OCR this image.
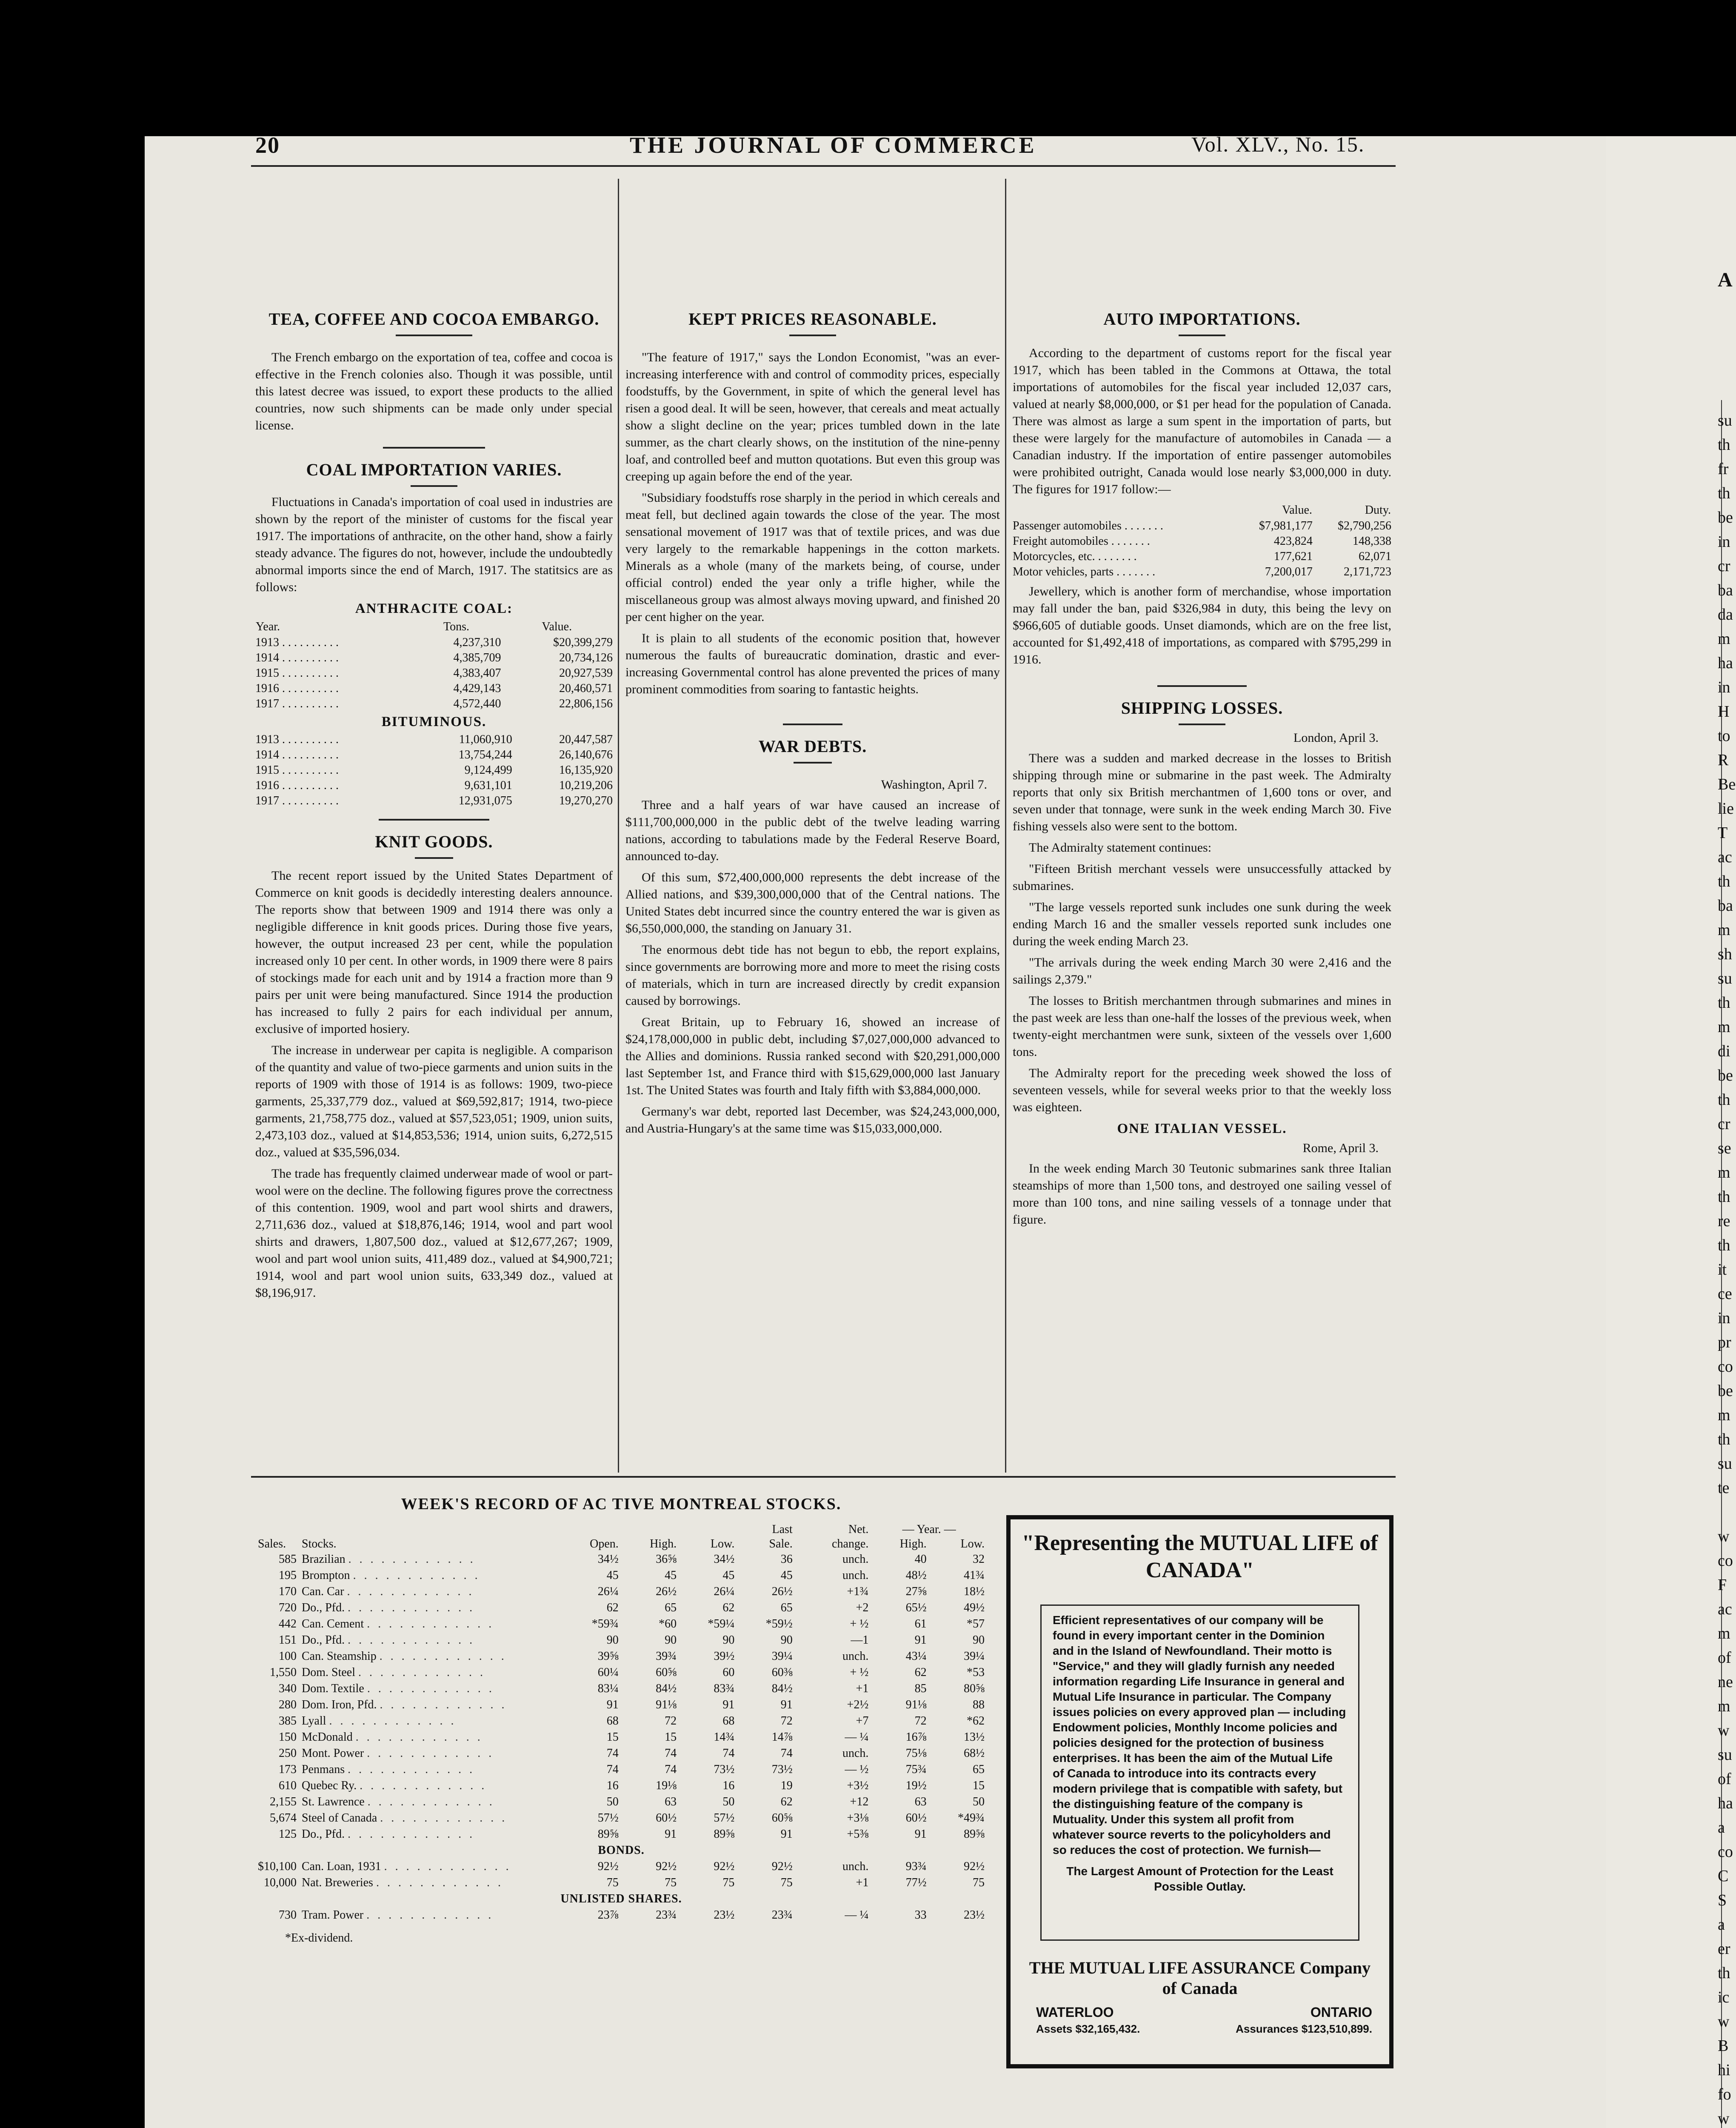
A
su
th
fr
th
be
in
cr
ba
da
m
ha
in
H
to
R
Be
lie
T
ac
th
ba
m
sh
su
th
m
di
be
th
cr
se
m
th
re
th
it
ce
in
pr
co
be
m
th
su
te
w
co
F
ac
m
of
ne
m
w
su
of
ha
a
co
C
S
a
er
th
ic
w
B
hi
fo
w
20	THE JOURNAL OF COMMERCE	Vol. XLV., No. 15.
TEA, COFFEE AND COCOA EMBARGO.

The French embargo on the exportation of tea, coffee and cocoa is effective in the French colonies also. Though it was possible, until this latest decree was issued, to export these products to the allied countries, now such shipments can be made only under special license.

COAL IMPORTATION VARIES.

Fluctuations in Canada's importation of coal used in industries are shown by the report of the minister of customs for the fiscal year 1917. The importations of anthracite, on the other hand, show a fairly steady advance. The figures do not, however, include the undoubtedly abnormal imports since the end of March, 1917. The statitsics are as follows:

ANTHRACITE COAL:
Year.	Tons.	Value.
1913 . . . . . . . . . .	4,237,310	$20,399,279
1914 . . . . . . . . . .	4,385,709	20,734,126
1915 . . . . . . . . . .	4,383,407	20,927,539
1916 . . . . . . . . . .	4,429,143	20,460,571
1917 . . . . . . . . . .	4,572,440	22,806,156
BITUMINOUS.
1913 . . . . . . . . . .	11,060,910	20,447,587
1914 . . . . . . . . . .	13,754,244	26,140,676
1915 . . . . . . . . . .	9,124,499	16,135,920
1916 . . . . . . . . . .	9,631,101	10,219,206
1917 . . . . . . . . . .	12,931,075	19,270,270
KNIT GOODS.

The recent report issued by the United States Department of Commerce on knit goods is decidedly interesting dealers announce. The reports show that between 1909 and 1914 there was only a negligible difference in knit goods prices. During those five years, however, the output increased 23 per cent, while the population increased only 10 per cent. In other words, in 1909 there were 8 pairs of stockings made for each unit and by 1914 a fraction more than 9 pairs per unit were being manufactured. Since 1914 the production has increased to fully 2 pairs for each individual per annum, exclusive of imported hosiery.

The increase in underwear per capita is negligible. A comparison of the quantity and value of two-piece garments and union suits in the reports of 1909 with those of 1914 is as follows: 1909, two-piece garments, 25,337,779 doz., valued at $69,592,817; 1914, two-piece garments, 21,758,775 doz., valued at $57,523,051; 1909, union suits, 2,473,103 doz., valued at $14,853,536; 1914, union suits, 6,272,515 doz., valued at $35,596,034.

The trade has frequently claimed underwear made of wool or part-wool were on the decline. The following figures prove the correctness of this contention. 1909, wool and part wool shirts and drawers, 2,711,636 doz., valued at $18,876,146; 1914, wool and part wool shirts and drawers, 1,807,500 doz., valued at $12,677,267; 1909, wool and part wool union suits, 411,489 doz., valued at $4,900,721; 1914, wool and part wool union suits, 633,349 doz., valued at $8,196,917.

KEPT PRICES REASONABLE.

"The feature of 1917," says the London Economist, "was an ever-increasing interference with and control of commodity prices, especially foodstuffs, by the Government, in spite of which the general level has risen a good deal. It will be seen, however, that cereals and meat actually show a slight decline on the year; prices tumbled down in the late summer, as the chart clearly shows, on the institution of the nine-penny loaf, and controlled beef and mutton quotations. But even this group was creeping up again before the end of the year.

"Subsidiary foodstuffs rose sharply in the period in which cereals and meat fell, but declined again towards the close of the year. The most sensational movement of 1917 was that of textile prices, and was due very largely to the remarkable happenings in the cotton markets. Minerals as a whole (many of the markets being, of course, under official control) ended the year only a trifle higher, while the miscellaneous group was almost always moving upward, and finished 20 per cent higher on the year.

It is plain to all students of the economic position that, however numerous the faults of bureaucratic domination, drastic and ever-increasing Governmental control has alone prevented the prices of many prominent commodities from soaring to fantastic heights.

WAR DEBTS.
Washington, April 7.

Three and a half years of war have caused an increase of $111,700,000,000 in the public debt of the twelve leading warring nations, according to tabulations made by the Federal Reserve Board, announced to-day.

Of this sum, $72,400,000,000 represents the debt increase of the Allied nations, and $39,300,000,000 that of the Central nations. The United States debt incurred since the country entered the war is given as $6,550,000,000, the standing on January 31.

The enormous debt tide has not begun to ebb, the report explains, since governments are borrowing more and more to meet the rising costs of materials, which in turn are increased directly by credit expansion caused by borrowings.

Great Britain, up to February 16, showed an increase of $24,178,000,000 in public debt, including $7,027,000,000 advanced to the Allies and dominions. Russia ranked second with $20,291,000,000 last September 1st, and France third with $15,629,000,000 last January 1st. The United States was fourth and Italy fifth with $3,884,000,000.

Germany's war debt, reported last December, was $24,243,000,000, and Austria-Hungary's at the same time was $15,033,000,000.

AUTO IMPORTATIONS.

According to the department of customs report for the fiscal year 1917, which has been tabled in the Commons at Ottawa, the total importations of automobiles for the fiscal year included 12,037 cars, valued at nearly $8,000,000, or $1 per head for the population of Canada. There was almost as large a sum spent in the importation of parts, but these were largely for the manufacture of automobiles in Canada — a Canadian industry. If the importation of entire passenger automobiles were prohibited outright, Canada would lose nearly $3,000,000 in duty. The figures for 1917 follow:—

	Value.	Duty.
Passenger automobiles . . . . . . .	$7,981,177	$2,790,256
Freight automobiles . . . . . . .	423,824	148,338
Motorcycles, etc. . . . . . . .	177,621	62,071
Motor vehicles, parts . . . . . . .	7,200,017	2,171,723

Jewellery, which is another form of merchandise, whose importation may fall under the ban, paid $326,984 in duty, this being the levy on $966,605 of dutiable goods. Unset diamonds, which are on the free list, accounted for $1,492,418 of importations, as compared with $795,299 in 1916.

SHIPPING LOSSES.
London, April 3.

There was a sudden and marked decrease in the losses to British shipping through mine or submarine in the past week. The Admiralty reports that only six British merchantmen of 1,600 tons or over, and seven under that tonnage, were sunk in the week ending March 30. Five fishing vessels also were sent to the bottom.

The Admiralty statement continues:

"Fifteen British merchant vessels were unsuccessfully attacked by submarines.

"The large vessels reported sunk includes one sunk during the week ending March 16 and the smaller vessels reported sunk includes one during the week ending March 23.

"The arrivals during the week ending March 30 were 2,416 and the sailings 2,379."

The losses to British merchantmen through submarines and mines in the past week are less than one-half the losses of the previous week, when twenty-eight merchantmen were sunk, sixteen of the vessels over 1,600 tons.

The Admiralty report for the preceding week showed the loss of seventeen vessels, while for several weeks prior to that the weekly loss was eighteen.

ONE ITALIAN VESSEL.
Rome, April 3.

In the week ending March 30 Teutonic submarines sank three Italian steamships of more than 1,500 tons, and destroyed one sailing vessel of more than 100 tons, and nine sailing vessels of a tonnage under that figure.

WEEK'S RECORD OF AC TIVE MONTREAL STOCKS.
					Last	Net.	— Year. —	
Sales.	Stocks.	Open.	High.	Low.	Sale.	change.	High.	Low.
585	Brazilian . . . . . . . . . . . .	34½	36⅝	34½	36	unch.	40	32
195	Brompton . . . . . . . . . . . .	45	45	45	45	unch.	48½	41¾
170	Can. Car . . . . . . . . . . . .	26¼	26½	26¼	26½	+1¾	27⅝	18½
720	Do., Pfd. . . . . . . . . . . . .	62	65	62	65	+2	65½	49½
442	Can. Cement . . . . . . . . . . . .	*59¾	*60	*59¼	*59½	+ ½	61	*57
151	Do., Pfd. . . . . . . . . . . . .	90	90	90	90	—1	91	90
100	Can. Steamship . . . . . . . . . . . .	39⅝	39¾	39½	39¼	unch.	43¼	39¼
1,550	Dom. Steel . . . . . . . . . . . .	60¼	60⅝	60	60⅜	+ ½	62	*53
340	Dom. Textile . . . . . . . . . . . .	83¼	84½	83¾	84½	+1	85	80⅝
280	Dom. Iron, Pfd. . . . . . . . . . . . .	91	91⅛	91	91	+2½	91⅛	88
385	Lyall . . . . . . . . . . . .	68	72	68	72	+7	72	*62
150	McDonald . . . . . . . . . . . .	15	15	14¾	14⅞	— ¼	16⅞	13½
250	Mont. Power . . . . . . . . . . . .	74	74	74	74	unch.	75⅛	68½
173	Penmans . . . . . . . . . . . .	74	74	73½	73½	— ½	75¾	65
610	Quebec Ry. . . . . . . . . . . . .	16	19⅛	16	19	+3½	19½	15
2,155	St. Lawrence . . . . . . . . . . . .	50	63	50	62	+12	63	50
5,674	Steel of Canada . . . . . . . . . . . .	57½	60½	57½	60⅝	+3⅛	60½	*49¾
125	Do., Pfd. . . . . . . . . . . . .	89⅝	91	89⅝	91	+5⅜	91	89⅝
BONDS.								
$10,100	Can. Loan, 1931 . . . . . . . . . . . .	92½	92½	92½	92½	unch.	93¾	92½
10,000	Nat. Breweries . . . . . . . . . . . .	75	75	75	75	+1	77½	75
UNLISTED SHARES.								
730	Tram. Power . . . . . . . . . . . .	23⅞	23¾	23½	23¾	— ¼	33	23½
*Ex-dividend.
"Representing the MUTUAL LIFE of CANADA"
Efficient representatives of our company will be found in every important center in the Dominion and in the Island of Newfoundland. Their motto is "Service," and they will gladly furnish any needed information regarding Life Insurance in general and Mutual Life Insurance in particular. The Company issues policies on every approved plan — including Endowment policies, Monthly Income policies and policies designed for the protection of business enterprises. It has been the aim of the Mutual Life of Canada to introduce into its contracts every modern privilege that is compatible with safety, but the distinguishing feature of the company is Mutuality. Under this system all profit from whatever source reverts to the policyholders and so reduces the cost of protection. We furnish—
The Largest Amount of Protection for the Least Possible Outlay.
THE MUTUAL LIFE ASSURANCE Company of Canada
WATERLOO	ONTARIO
Assets $32,165,432.	Assurances $123,510,899.
